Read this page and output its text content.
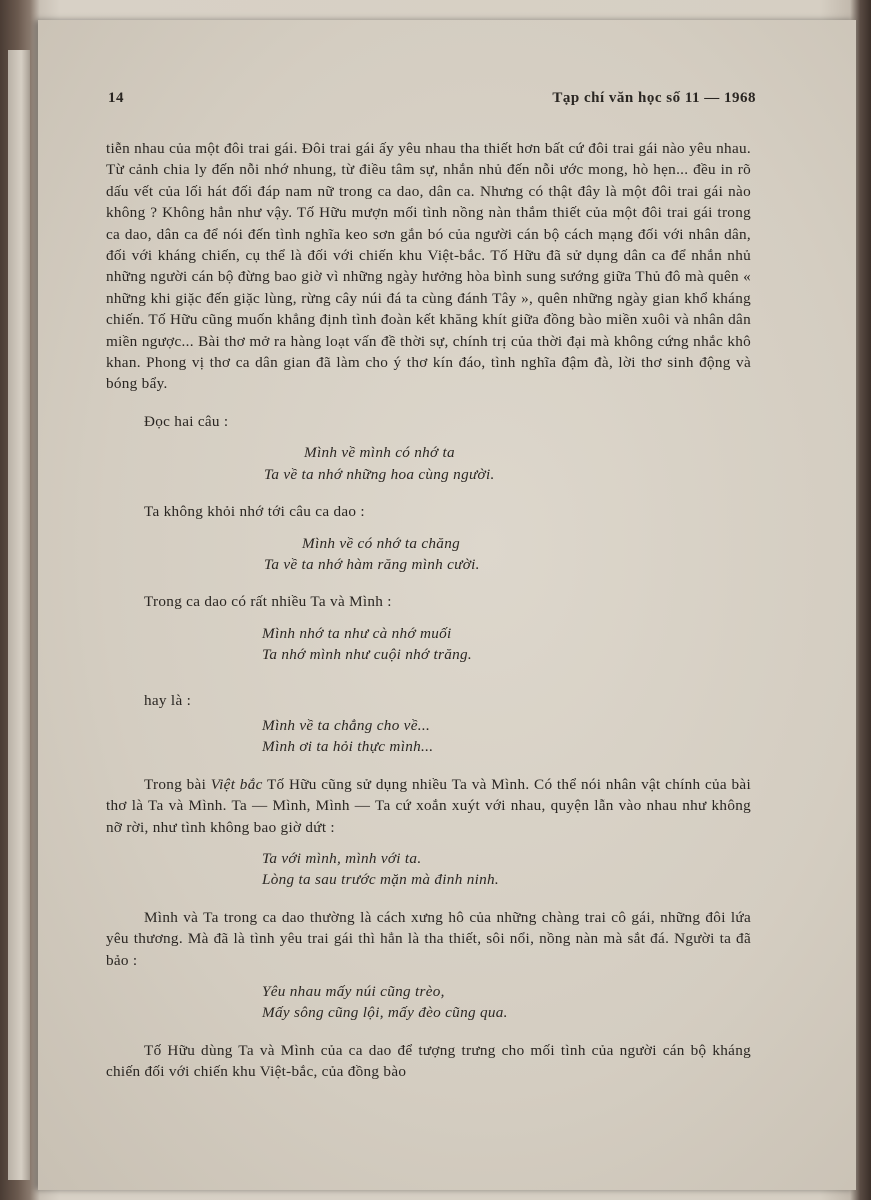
14	Tạp chí văn học số 11 — 1968

tiễn nhau của một đôi trai gái. Đôi trai gái ấy yêu nhau tha thiết hơn bất cứ đôi trai gái nào yêu nhau. Từ cảnh chia ly đến nỗi nhớ nhung, từ điều tâm sự, nhắn nhủ đến nỗi ước mong, hò hẹn... đều in rõ dấu vết của lối hát đối đáp nam nữ trong ca dao, dân ca. Nhưng có thật đây là một đôi trai gái nào không ? Không hẳn như vậy. Tố Hữu mượn mối tình nồng nàn thắm thiết của một đôi trai gái trong ca dao, dân ca để nói đến tình nghĩa keo sơn gắn bó của người cán bộ cách mạng đối với nhân dân, đối với kháng chiến, cụ thể là đối với chiến khu Việt-bắc. Tố Hữu đã sử dụng dân ca để nhắn nhủ những người cán bộ đừng bao giờ vì những ngày hưởng hòa bình sung sướng giữa Thủ đô mà quên « những khi giặc đến giặc lùng, rừng cây núi đá ta cùng đánh Tây », quên những ngày gian khổ kháng chiến. Tố Hữu cũng muốn khẳng định tình đoàn kết khăng khít giữa đồng bào miền xuôi và nhân dân miền ngược... Bài thơ mở ra hàng loạt vấn đề thời sự, chính trị của thời đại mà không cứng nhắc khô khan. Phong vị thơ ca dân gian đã làm cho ý thơ kín đáo, tình nghĩa đậm đà, lời thơ sinh động và bóng bẩy.

Đọc hai câu :

Mình về mình có nhớ ta
Ta về ta nhớ những hoa cùng người.

Ta không khỏi nhớ tới câu ca dao :

Mình về có nhớ ta chăng
Ta về ta nhớ hàm răng mình cười.

Trong ca dao có rất nhiều Ta và Mình :

Mình nhớ ta như cà nhớ muối
Ta nhớ mình như cuội nhớ trăng.

hay là :

Mình về ta chẳng cho về...
Mình ơi ta hỏi thực mình...

Trong bài Việt bắc Tố Hữu cũng sử dụng nhiều Ta và Mình. Có thể nói nhân vật chính của bài thơ là Ta và Mình. Ta — Mình, Mình — Ta cứ xoắn xuýt với nhau, quyện lẫn vào nhau như không nỡ rời, như tình không bao giờ dứt :

Ta với mình, mình với ta.
Lòng ta sau trước mặn mà đinh ninh.

Mình và Ta trong ca dao thường là cách xưng hô của những chàng trai cô gái, những đôi lứa yêu thương. Mà đã là tình yêu trai gái thì hẳn là tha thiết, sôi nổi, nồng nàn mà sắt đá. Người ta đã bảo :

Yêu nhau mấy núi cũng trèo,
Mấy sông cũng lội, mấy đèo cũng qua.

Tố Hữu dùng Ta và Mình của ca dao để tượng trưng cho mối tình của người cán bộ kháng chiến đối với chiến khu Việt-bắc, của đồng bào
